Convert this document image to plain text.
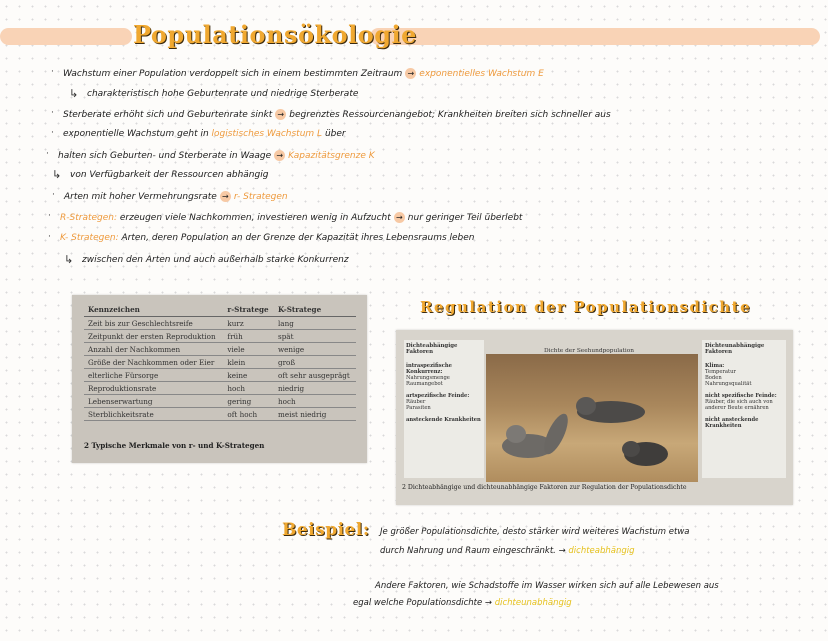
Populationsökologie
· Wachstum einer Population verdoppelt sich in einem bestimmten Zeitraum → exponentielles Wachstum E
↳ charakteristisch hohe Geburtenrate und niedrige Sterberate
· Sterberate erhöht sich und Geburtenrate sinkt → begrenztes Ressourcenangebot; Krankheiten breiten sich schneller aus
· exponentielle Wachstum geht in logistisches Wachstum L über
· halten sich Geburten- und Sterberate in Waage → Kapazitätsgrenze K
↳ von Verfügbarkeit der Ressourcen abhängig
· Arten mit hoher Vermehrungsrate → r- Strategen
· R-Strategen: erzeugen viele Nachkommen, investieren wenig in Aufzucht → nur geringer Teil überlebt
· K- Strategen: Arten, deren Population an der Grenze der Kapazität ihres Lebensraums leben
↳ zwischen den Arten und auch außerhalb starke Konkurrenz
Kennzeichen	r-Stratege	K-Stratege
Zeit bis zur Geschlechtsreife	kurz	lang
Zeitpunkt der ersten Reproduktion	früh	spät
Anzahl der Nachkommen	viele	wenige
Größe der Nachkommen oder Eier	klein	groß
elterliche Fürsorge	keine	oft sehr ausgeprägt
Reproduktionsrate	hoch	niedrig
Lebenserwartung	gering	hoch
Sterblichkeitsrate	oft hoch	meist niedrig
2 Typische Merkmale von r- und K-Strategen
Regulation der Populationsdichte
Dichteabhängige Faktoren
intraspezifische Konkurrenz:
Nahrungsmenge
Raumangebot
artspezifische Feinde:
Räuber
Parasiten
ansteckende Krankheiten
Dichte der Seehundpopulation
Dichteunabhängige Faktoren
Klima:
Temperatur
Boden
Nahrungsqualität
nicht spezifische Feinde:
Räuber, die sich auch von anderer Beute ernähren
nicht ansteckende Krankheiten
2 Dichteabhängige und dichteunabhängige Faktoren zur Regulation der Populationsdichte
Beispiel: Je größer Populationsdichte, desto stärker wird weiteres Wachstum etwa
durch Nahrung und Raum eingeschränkt. → dichteabhängig
Andere Faktoren, wie Schadstoffe im Wasser wirken sich auf alle Lebewesen aus
egal welche Populationsdichte → dichteunabhängig
